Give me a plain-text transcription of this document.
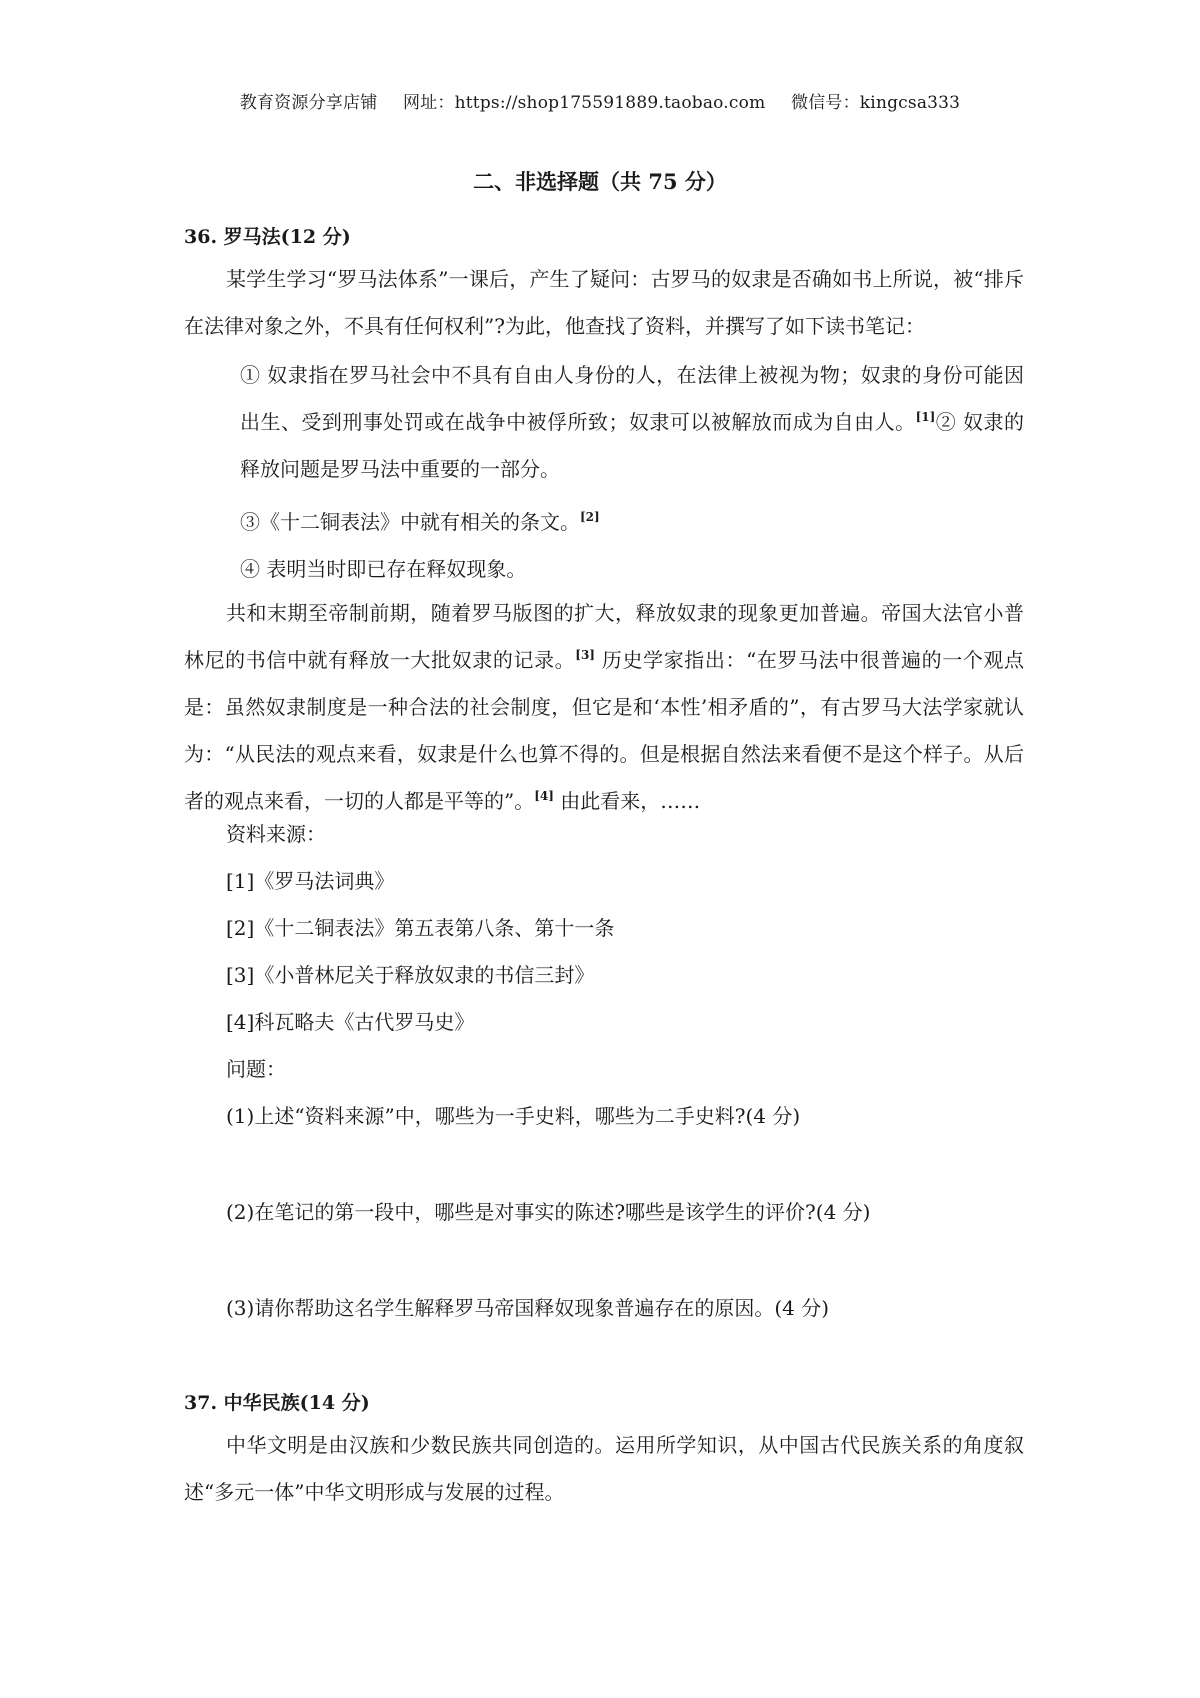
教育资源分享店铺 网址：https://shop175591889.taobao.com 微信号：kingcsa333
二、非选择题（共 75 分）
36. 罗马法(12 分)
某学生学习“罗马法体系”一课后，产生了疑问：古罗马的奴隶是否确如书上所说，被“排斥在法律对象之外，不具有任何权利”?为此，他查找了资料，并撰写了如下读书笔记：
① 奴隶指在罗马社会中不具有自由人身份的人，在法律上被视为物；奴隶的身份可能因出生、受到刑事处罚或在战争中被俘所致；奴隶可以被解放而成为自由人。[1]② 奴隶的释放问题是罗马法中重要的一部分。
③《十二铜表法》中就有相关的条文。[2]
④ 表明当时即已存在释奴现象。
共和末期至帝制前期，随着罗马版图的扩大，释放奴隶的现象更加普遍。帝国大法官小普林尼的书信中就有释放一大批奴隶的记录。[3] 历史学家指出：“在罗马法中很普遍的一个观点是：虽然奴隶制度是一种合法的社会制度，但它是和‘本性’相矛盾的”，有古罗马大法学家就认为：“从民法的观点来看，奴隶是什么也算不得的。但是根据自然法来看便不是这个样子。从后者的观点来看，一切的人都是平等的”。[4] 由此看来，……
资料来源：
[1]《罗马法词典》
[2]《十二铜表法》第五表第八条、第十一条
[3]《小普林尼关于释放奴隶的书信三封》
[4]科瓦略夫《古代罗马史》
问题：
(1)上述“资料来源”中，哪些为一手史料，哪些为二手史料?(4 分)
(2)在笔记的第一段中，哪些是对事实的陈述?哪些是该学生的评价?(4 分)
(3)请你帮助这名学生解释罗马帝国释奴现象普遍存在的原因。(4 分)
37. 中华民族(14 分)
中华文明是由汉族和少数民族共同创造的。运用所学知识，从中国古代民族关系的角度叙述“多元一体”中华文明形成与发展的过程。
